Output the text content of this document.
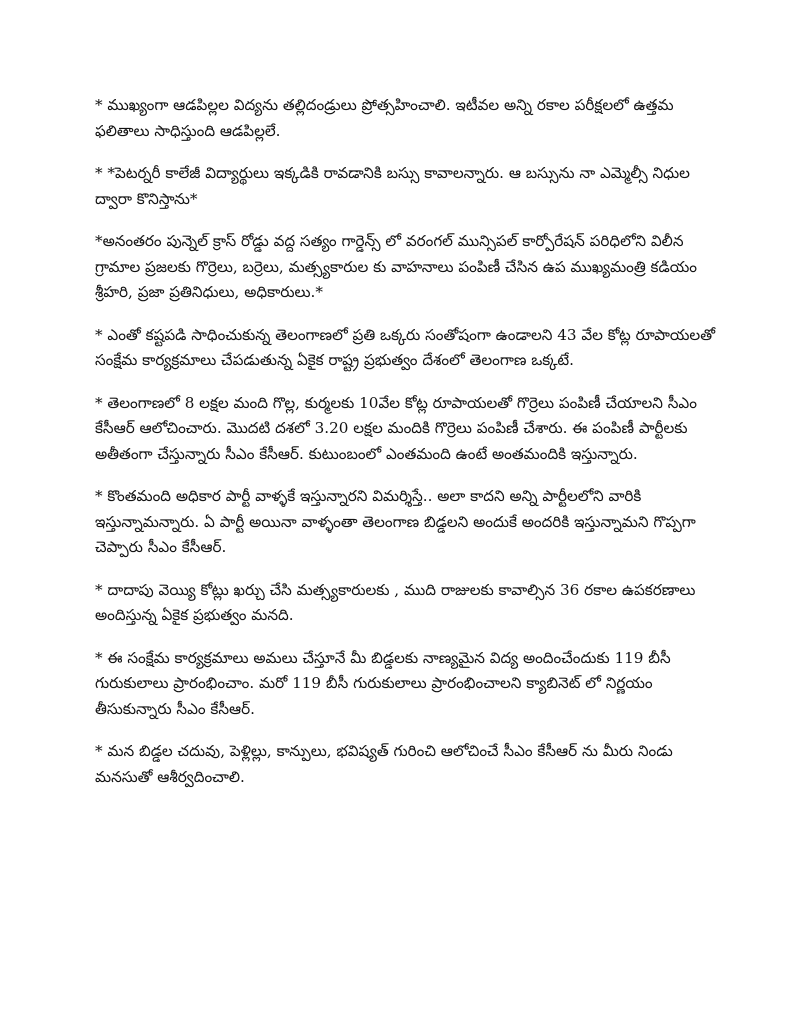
* ముఖ్యంగా ఆడపిల్లల విద్యను తల్లిదండ్రులు ప్రోత్సహించాలి. ఇటీవల అన్ని రకాల పరీక్షలలో ఉత్తమ ఫలితాలు సాధిస్తుంది ఆడపిల్లలే.

* *పెటర్నరీ కాలేజీ విద్యార్థులు ఇక్కడికి రావడానికి బస్సు కావాలన్నారు. ఆ బస్సును నా ఎమ్మెల్సీ నిధుల ద్వారా కొనిస్తాను*

*అనంతరం పున్నెల్ క్రాస్ రోడ్డు వద్ద సత్యం గార్డెన్స్ లో వరంగల్ మున్సిపల్ కార్పోరేషన్ పరిధిలోని విలీన గ్రామాల ప్రజలకు గొర్రెలు, బర్రెలు, మత్స్యకారుల కు వాహనాలు పంపిణీ చేసిన ఉప ముఖ్యమంత్రి కడియం శ్రీహరి, ప్రజా ప్రతినిధులు, అధికారులు.*

* ఎంతో కష్టపడి సాధించుకున్న తెలంగాణలో ప్రతి ఒక్కరు సంతోషంగా ఉండాలని 43 వేల కోట్ల రూపాయలతో సంక్షేమ కార్యక్రమాలు చేపడుతున్న ఏకైక రాష్ట్ర ప్రభుత్వం దేశంలో తెలంగాణ ఒక్కటే.

* తెలంగాణలో 8 లక్షల మంది గొల్ల, కుర్మలకు 10వేల కోట్ల రూపాయలతో గొర్రెలు పంపిణీ చేయాలని సీఎం కేసీఆర్ ఆలోచించారు. మొదటి దశలో 3.20 లక్షల మందికి గొర్రెలు పంపిణీ చేశారు. ఈ పంపిణీ పార్టీలకు అతీతంగా చేస్తున్నారు సీఎం కేసీఆర్. కుటుంబంలో ఎంతమంది ఉంటే అంతమందికి ఇస్తున్నారు.

* కొంతమంది అధికార పార్టీ వాళ్ళకే ఇస్తున్నారని విమర్శిస్తే.. అలా కాదని అన్ని పార్టీలలోని వారికి ఇస్తున్నామన్నారు. ఏ పార్టీ అయినా వాళ్ళంతా తెలంగాణ బిడ్డలని అందుకే అందరికి ఇస్తున్నామని గొప్పగా చెప్పారు సీఎం కేసీఆర్.

* దాదాపు వెయ్యి కోట్లు ఖర్చు చేసి మత్స్యకారులకు , ముది రాజులకు కావాల్సిన 36 రకాల ఉపకరణాలు అందిస్తున్న ఏకైక ప్రభుత్వం మనది.

* ఈ సంక్షేమ కార్యక్రమాలు అమలు చేస్తూనే మీ బిడ్డలకు నాణ్యమైన విద్య అందించేందుకు 119 బీసీ గురుకులాలు ప్రారంభించాం. మరో 119 బీసీ గురుకులాలు ప్రారంభించాలని క్యాబినెట్ లో నిర్ణయం తీసుకున్నారు సీఎం కేసీఆర్.

* మన బిడ్డల చదువు, పెళ్లిల్లు, కాన్పులు, భవిష్యత్ గురించి ఆలోచించే సీఎం కేసీఆర్ ను మీరు నిండు మనసుతో ఆశీర్వదించాలి.
